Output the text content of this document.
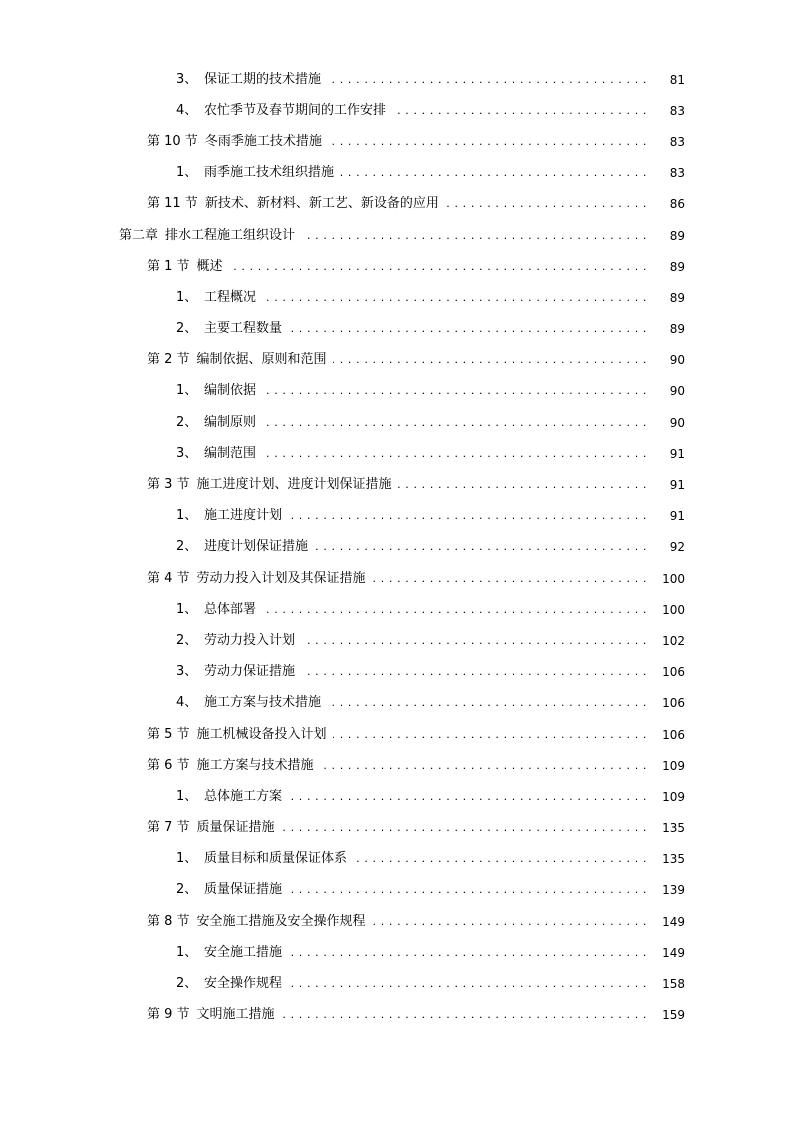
3、 保证工期的技术措施 . . .	81
4、 农忙季节及春节期间的工作安排 . . .	83
第 10 节 冬雨季施工技术措施 . . .	83
1、 雨季施工技术组织措施 . . .	83
第 11 节 新技术、新材料、新工艺、新设备的应用 . . .	86
第二章 排水工程施工组织设计 . . .	89
第 1 节 概述 . . .	89
1、 工程概况 . . .	89
2、 主要工程数量 . . .	89
第 2 节 编制依据、原则和范围 . . .	90
1、 编制依据 . . .	90
2、 编制原则 . . .	90
3、 编制范围 . . .	91
第 3 节 施工进度计划、进度计划保证措施 . . .	91
1、 施工进度计划 . . .	91
2、 进度计划保证措施 . . .	92
第 4 节 劳动力投入计划及其保证措施 . . .	100
1、 总体部署 . . .	100
2、 劳动力投入计划 . . .	102
3、 劳动力保证措施 . . .	106
4、 施工方案与技术措施 . . .	106
第 5 节 施工机械设备投入计划 . . .	106
第 6 节 施工方案与技术措施 . . .	109
1、 总体施工方案 . . .	109
第 7 节 质量保证措施 . . .	135
1、 质量目标和质量保证体系 . . .	135
2、 质量保证措施 . . .	139
第 8 节 安全施工措施及安全操作规程 . . .	149
1、 安全施工措施 . . .	149
2、 安全操作规程 . . .	158
第 9 节 文明施工措施 . . .	159
